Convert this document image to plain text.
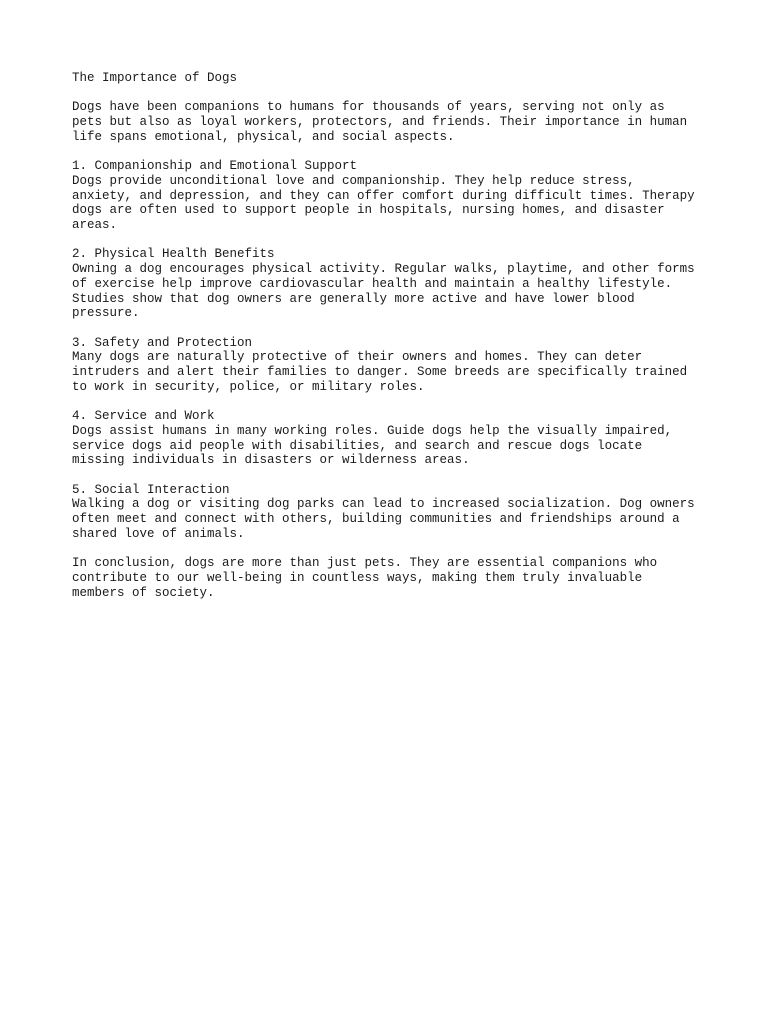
The Importance of Dogs
Dogs have been companions to humans for thousands of years, serving not only as
pets but also as loyal workers, protectors, and friends. Their importance in human
life spans emotional, physical, and social aspects.
1. Companionship and Emotional Support
Dogs provide unconditional love and companionship. They help reduce stress,
anxiety, and depression, and they can offer comfort during difficult times. Therapy
dogs are often used to support people in hospitals, nursing homes, and disaster
areas.
2. Physical Health Benefits
Owning a dog encourages physical activity. Regular walks, playtime, and other forms
of exercise help improve cardiovascular health and maintain a healthy lifestyle.
Studies show that dog owners are generally more active and have lower blood
pressure.
3. Safety and Protection
Many dogs are naturally protective of their owners and homes. They can deter
intruders and alert their families to danger. Some breeds are specifically trained
to work in security, police, or military roles.
4. Service and Work
Dogs assist humans in many working roles. Guide dogs help the visually impaired,
service dogs aid people with disabilities, and search and rescue dogs locate
missing individuals in disasters or wilderness areas.
5. Social Interaction
Walking a dog or visiting dog parks can lead to increased socialization. Dog owners
often meet and connect with others, building communities and friendships around a
shared love of animals.
In conclusion, dogs are more than just pets. They are essential companions who
contribute to our well-being in countless ways, making them truly invaluable
members of society.
